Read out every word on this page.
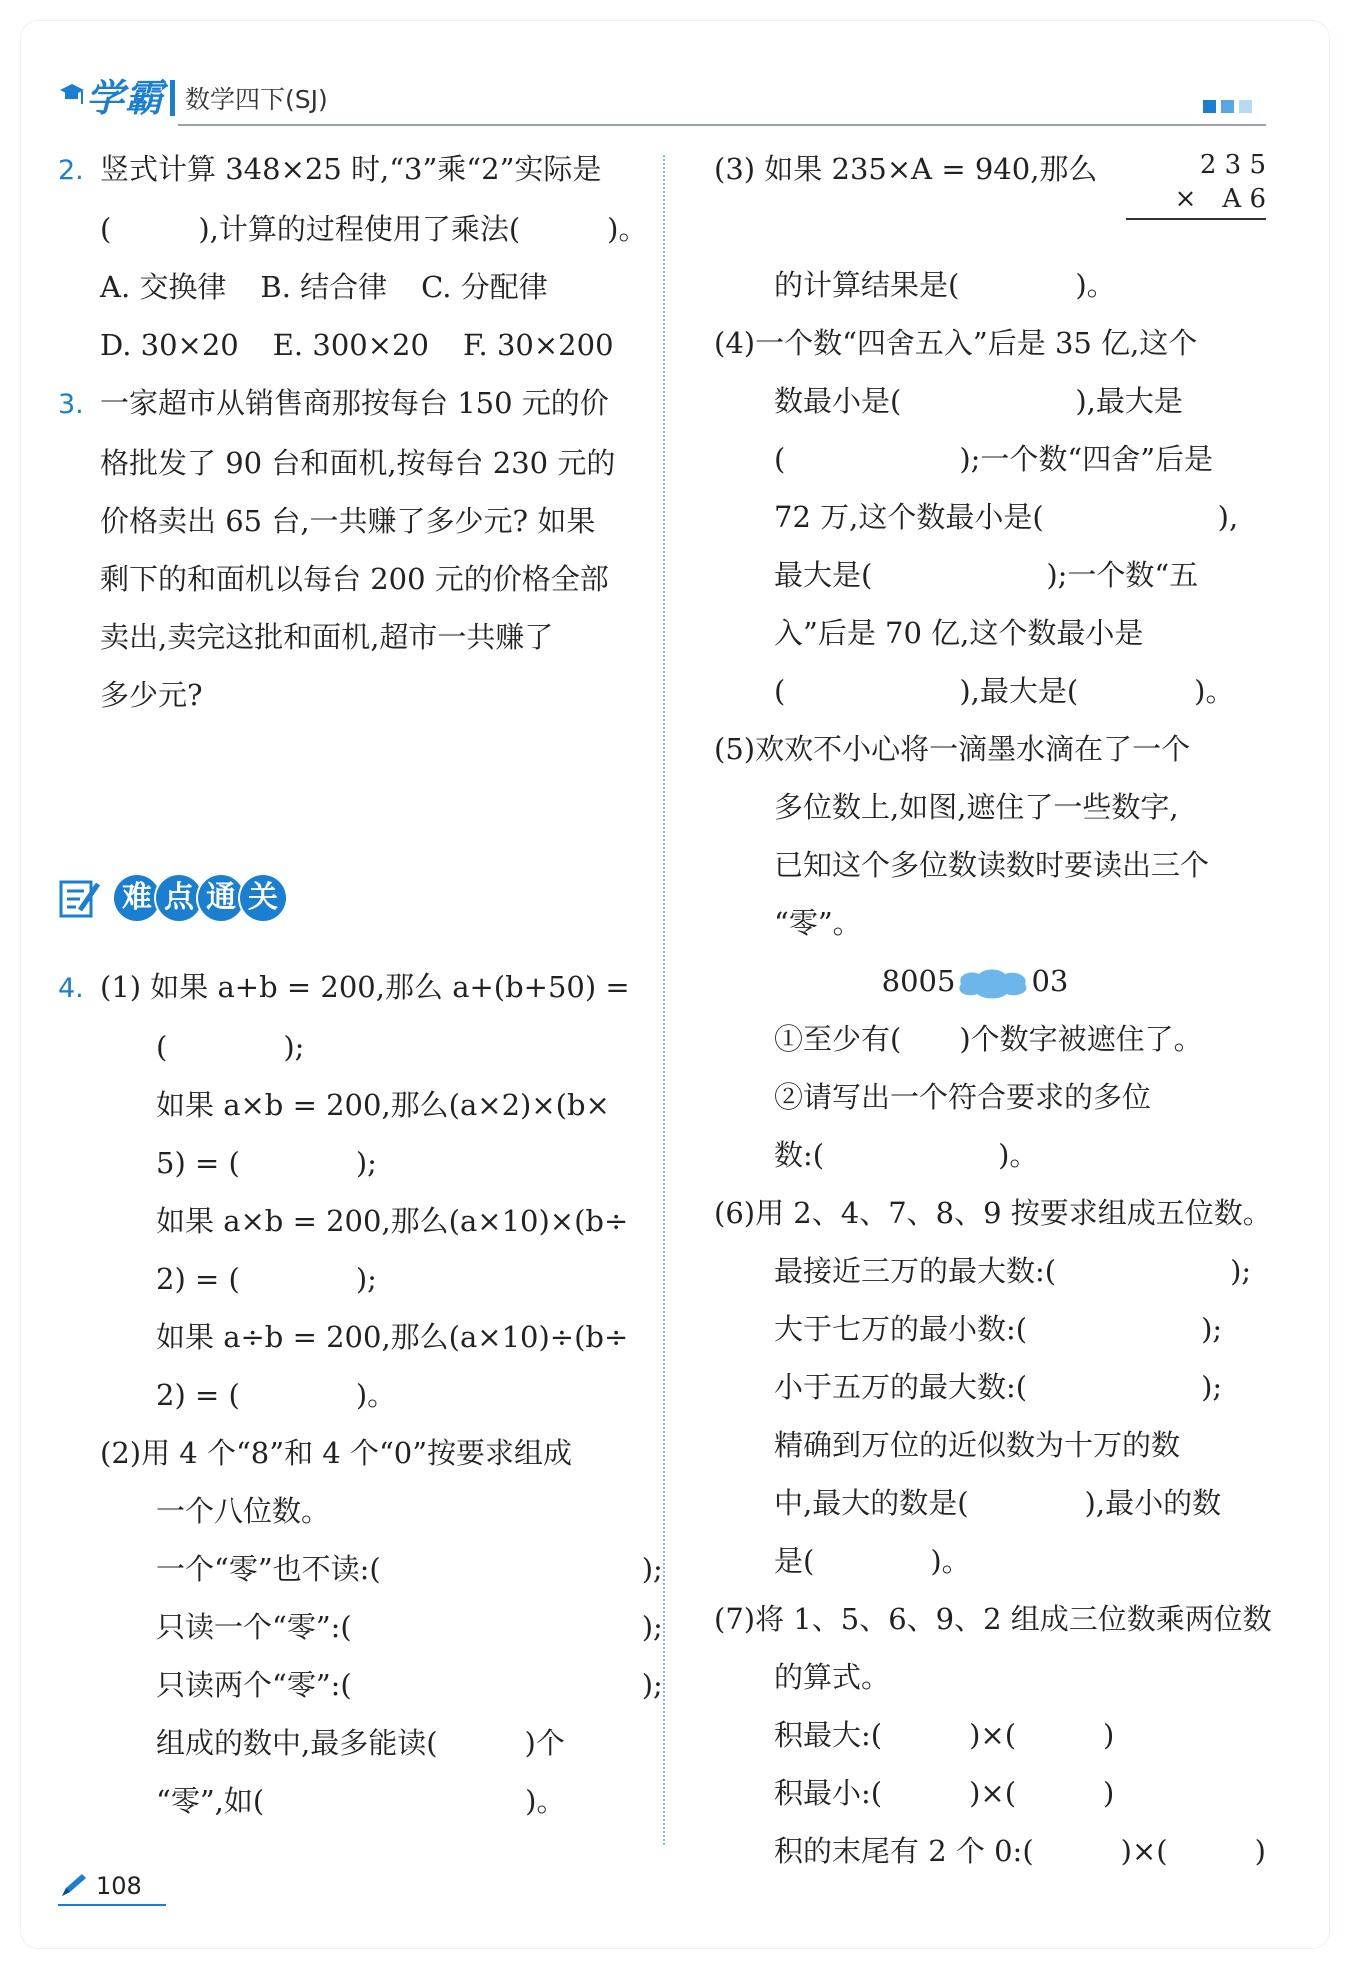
学霸 数学四下(SJ)
2. 竖式计算 348×25 时,“3”乘“2”实际是
(　　　),计算的过程使用了乘法(　　　)。
A. 交换律 B. 结合律 C. 分配律
D. 30×20 E. 300×20 F. 30×200
3. 一家超市从销售商那按每台 150 元的价
格批发了 90 台和面机,按每台 230 元的
价格卖出 65 台,一共赚了多少元? 如果
剩下的和面机以每台 200 元的价格全部
卖出,卖完这批和面机,超市一共赚了
多少元?
难 点 通 关
4. (1) 如果 a+b = 200,那么 a+(b+50) =
(　　　　);
如果 a×b = 200,那么(a×2)×(b×
5) = (　　　　);
如果 a×b = 200,那么(a×10)×(b÷
2) = (　　　　);
如果 a÷b = 200,那么(a×10)÷(b÷
2) = (　　　　)。
(2)用 4 个“8”和 4 个“0”按要求组成
一个八位数。
一个“零”也不读:(　　　　　　　　　);
只读一个“零”:(　　　　　　　　　　);
只读两个“零”:(　　　　　　　　　　);
组成的数中,最多能读(　　　)个
“零”,如(　　　　　　　　　)。
(3) 如果 235×A = 940,那么	2 3 5
×　A 6
的计算结果是(　　　　)。
(4)一个数“四舍五入”后是 35 亿,这个
数最小是(　　　　　　),最大是
(　　　　　　);一个数“四舍”后是
72 万,这个数最小是(　　　　　　),
最大是(　　　　　　);一个数“五
入”后是 70 亿,这个数最小是
(　　　　　　),最大是(　　　　)。
(5)欢欢不小心将一滴墨水滴在了一个
多位数上,如图,遮住了一些数字,
已知这个多位数读数时要读出三个
“零”。
8005	03
①至少有(　　)个数字被遮住了。
②请写出一个符合要求的多位
数:(　　　　　　)。
(6)用 2、4、7、8、9 按要求组成五位数。
最接近三万的最大数:(　　　　　　);
大于七万的最小数:(　　　　　　);
小于五万的最大数:(　　　　　　);
精确到万位的近似数为十万的数
中,最大的数是(　　　　),最小的数
是(　　　　)。
(7)将 1、5、6、9、2 组成三位数乘两位数
的算式。
积最大:(　　　)×(　　　)
积最小:(　　　)×(　　　)
积的末尾有 2 个 0:(　　　)×(　　　)
108
